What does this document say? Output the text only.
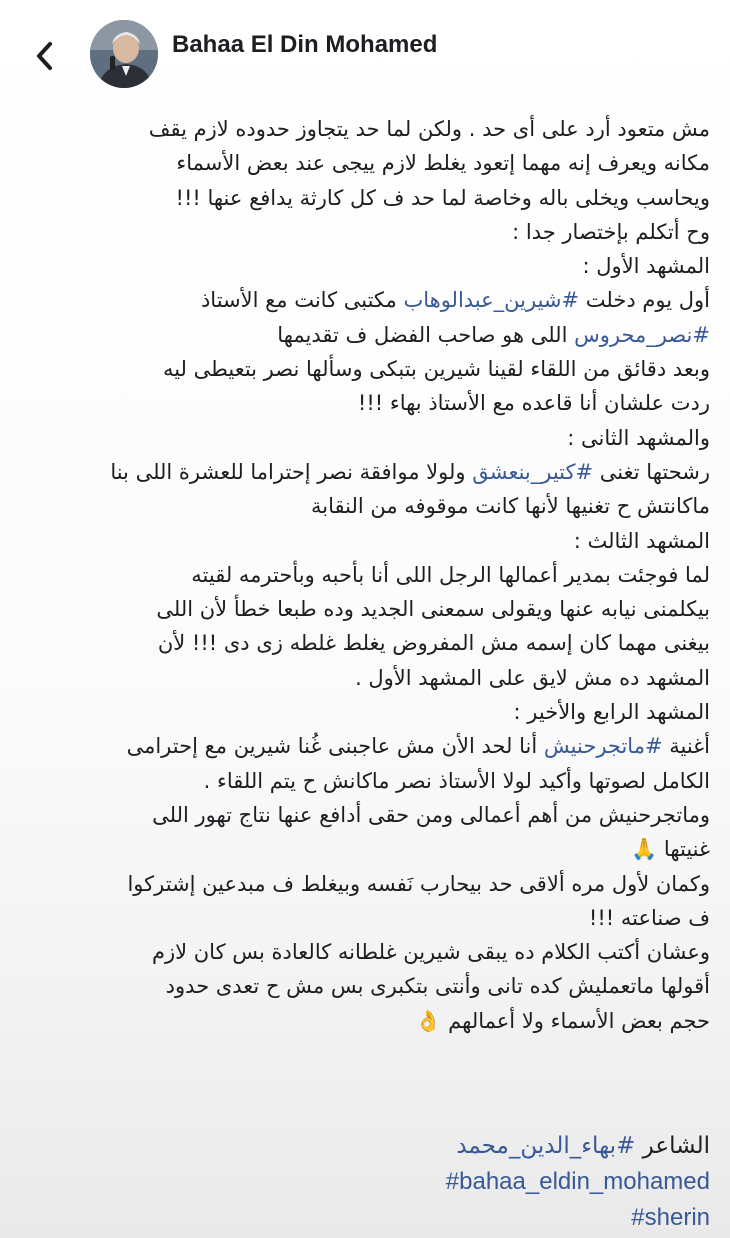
Bahaa El Din Mohamed
مش متعود أرد على أى حد . ولكن لما حد يتجاوز حدوده لازم يقف
مكانه ويعرف إنه مهما إتعود يغلط لازم ييجى عند بعض الأسماء
ويحاسب ويخلى باله وخاصة لما حد ف كل كارثة يدافع عنها !!!
وح أتكلم بإختصار جدا :
المشهد الأول :
أول يوم دخلت #شيرين_عبدالوهاب مكتبى كانت مع الأستاذ
#نصر_محروس اللى هو صاحب الفضل ف تقديمها
وبعد دقائق من اللقاء لقينا شيرين بتبكى وسألها نصر بتعيطى ليه
ردت علشان أنا قاعده مع الأستاذ بهاء !!!
والمشهد الثانى :
رشحتها تغنى #كتير_بنعشق ولولا موافقة نصر إحتراما للعشرة اللى بنا
ماكانتش ح تغنيها لأنها كانت موقوفه من النقابة
المشهد الثالث :
لما فوجئت بمدير أعمالها الرجل اللى أنا بأحبه وبأحترمه لقيته
بيكلمنى نيابه عنها ويقولى سمعنى الجديد وده طبعا خطأ لأن اللى
بيغنى مهما كان إسمه مش المفروض يغلط غلطه زى دى !!! لأن
المشهد ده مش لايق على المشهد الأول .
المشهد الرابع والأخير :
أغنية #ماتجرحنيش أنا لحد الأن مش عاجبنى غُنا شيرين مع إحترامى
الكامل لصوتها وأكيد لولا الأستاذ نصر ماكانش ح يتم اللقاء .
وماتجرحنيش من أهم أعمالى ومن حقى أدافع عنها نتاج تهور اللى
غنيتها 🙏
وكمان لأول مره ألاقى حد بيحارب نَفسه وبيغلط ف مبدعين إشتركوا
ف صناعته !!!
وعشان أكتب الكلام ده يبقى شيرين غلطانه كالعادة بس كان لازم
أقولها ماتعمليش كده تانى وأنتى بتكبرى بس مش ح تعدى حدود
حجم بعض الأسماء ولا أعمالهم 👌
الشاعر #بهاء_الدين_محمد
#bahaa_eldin_mohamed
#sherin
